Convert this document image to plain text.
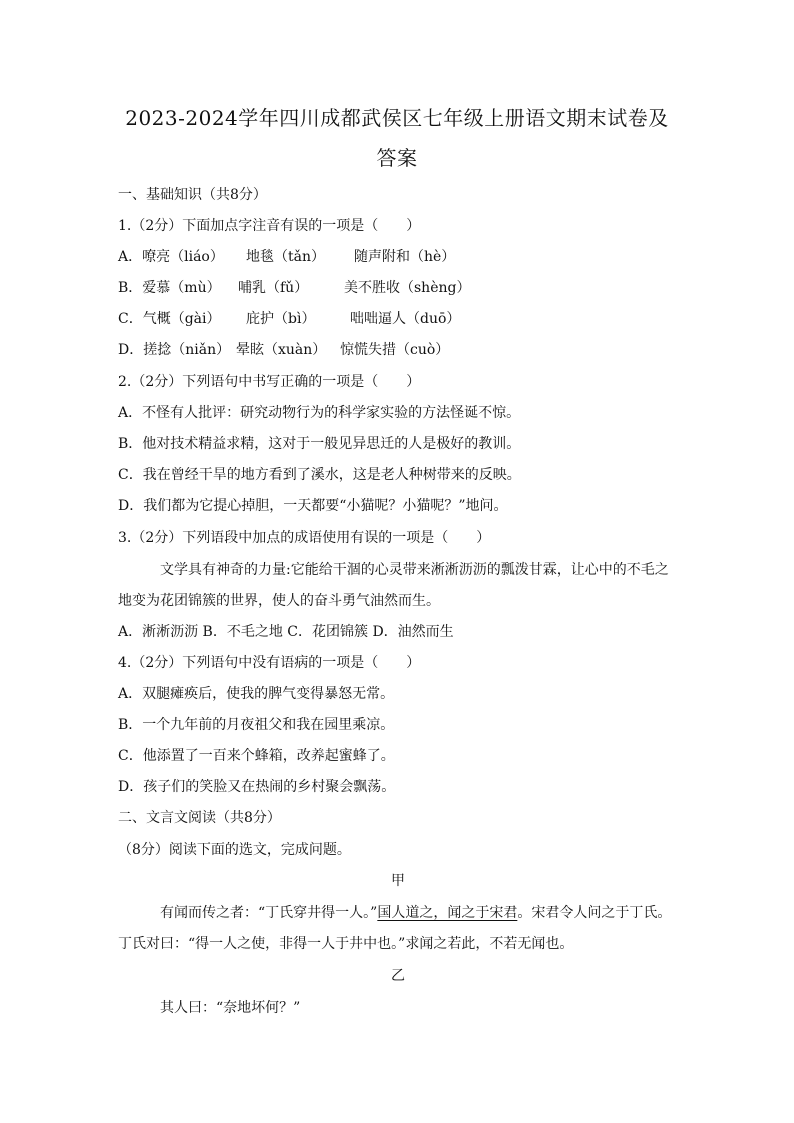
2023-2024学年四川成都武侯区七年级上册语文期末试卷及
答案
一、基础知识（共8分）
1.（2分）下面加点字注音有误的一项是（　　）
A．嘹亮（liáo） 地毯（tǎn） 随声附和（hè）
B．爱慕（mù） 哺乳（fǔ）	美不胜收（shèng）
C．气概（gài） 庇护（bì） 咄咄逼人（duō）
D．搓捻（niǎn） 晕眩（xuàn） 惊慌失措（cuò）
2.（2分）下列语句中书写正确的一项是（　　）
A．不怪有人批评：研究动物行为的科学家实验的方法怪诞不惊。
B．他对技术精益求精，这对于一般见异思迁的人是极好的教训。
C．我在曾经干旱的地方看到了溪水，这是老人种树带来的反映。
D．我们都为它提心掉胆，一天都要“小猫呢？小猫呢？”地问。
3.（2分）下列语段中加点的成语使用有误的一项是（　　）
文学具有神奇的力量:它能给干涸的心灵带来淅淅沥沥的瓢泼甘霖，让心中的不毛之
地变为花团锦簇的世界，使人的奋斗勇气油然而生。
A．淅淅沥沥 B．不毛之地 C．花团锦簇 D．油然而生
4.（2分）下列语句中没有语病的一项是（　　）
A．双腿瘫痪后，使我的脾气变得暴怒无常。
B．一个九年前的月夜祖父和我在园里乘凉。
C．他添置了一百来个蜂箱，改养起蜜蜂了。
D．孩子们的笑脸又在热闹的乡村聚会飘荡。
二、文言文阅读（共8分）
（8分）阅读下面的选文，完成问题。
甲
有闻而传之者：“丁氏穿井得一人。”国人道之，闻之于宋君。宋君令人问之于丁氏。
丁氏对曰：“得一人之使，非得一人于井中也。”求闻之若此，不若无闻也。
乙
其人曰：“奈地坏何？”
